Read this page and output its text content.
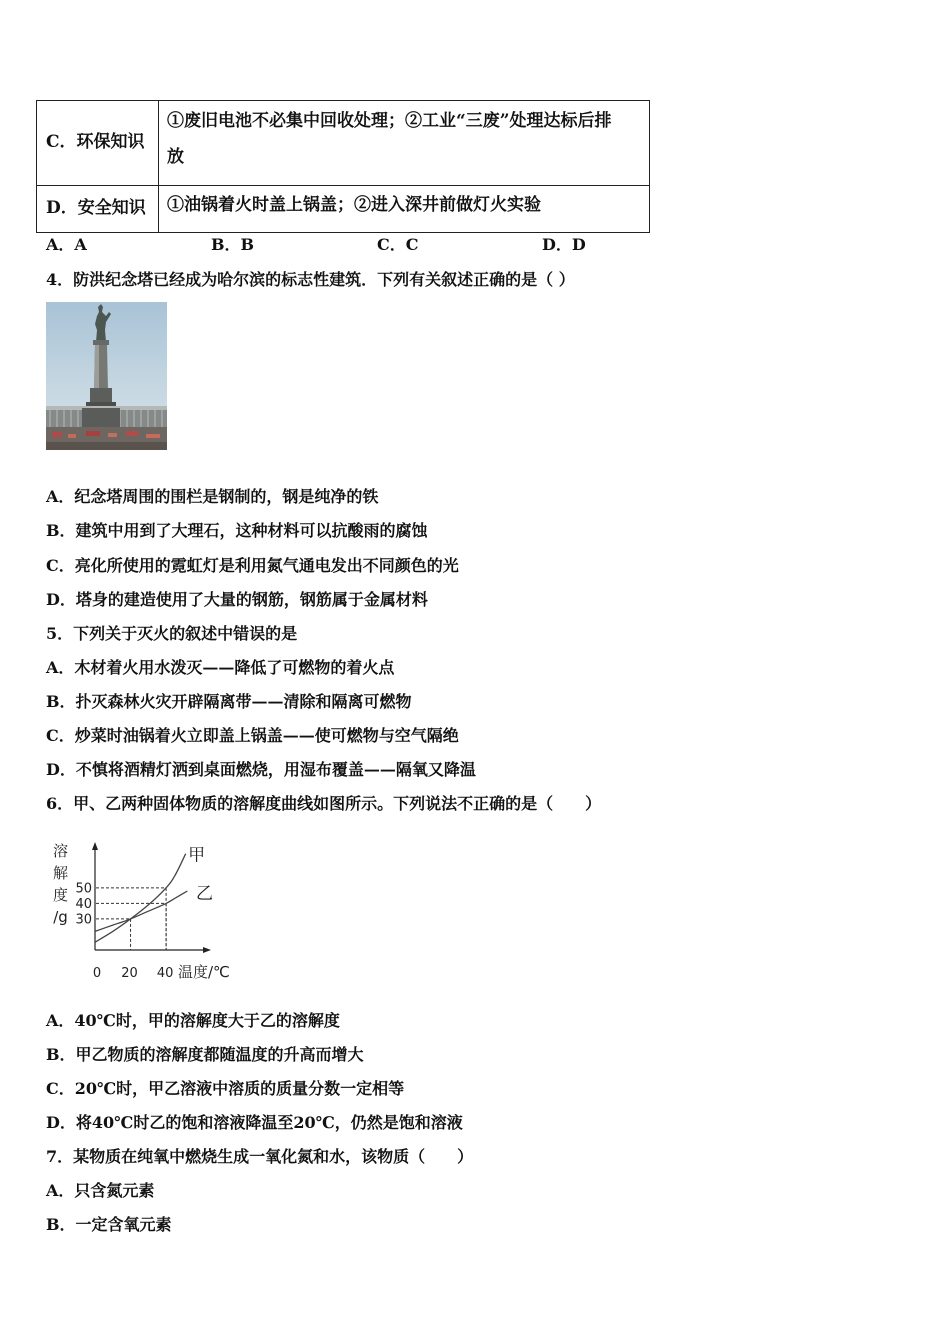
C．环保知识	①废旧电池不必集中回收处理；②工业“三废”处理达标后排放
D．安全知识	①油锅着火时盖上锅盖；②进入深井前做灯火实验
A．A	B．B	C．C	D．D
4．防洪纪念塔已经成为哈尔滨的标志性建筑．下列有关叙述正确的是（ ）
A．纪念塔周围的围栏是钢制的，钢是纯净的铁
B．建筑中用到了大理石，这种材料可以抗酸雨的腐蚀
C．亮化所使用的霓虹灯是利用氮气通电发出不同颜色的光
D．塔身的建造使用了大量的钢筋，钢筋属于金属材料
5．下列关于灭火的叙述中错误的是
A．木材着火用水泼灭——降低了可燃物的着火点
B．扑灭森林火灾开辟隔离带——清除和隔离可燃物
C．炒菜时油锅着火立即盖上锅盖——使可燃物与空气隔绝
D．不慎将酒精灯洒到桌面燃烧，用湿布覆盖——隔氧又降温
6．甲、乙两种固体物质的溶解度曲线如图所示。下列说法不正确的是（　　）
温度/℃
甲
乙
30
40
50
0 20 40
溶解度/g
A．40℃时，甲的溶解度大于乙的溶解度
B．甲乙物质的溶解度都随温度的升高而增大
C．20℃时，甲乙溶液中溶质的质量分数一定相等
D．将40℃时乙的饱和溶液降温至20℃，仍然是饱和溶液
7．某物质在纯氧中燃烧生成一氧化氮和水，该物质（　　）
A．只含氮元素
B．一定含氧元素
